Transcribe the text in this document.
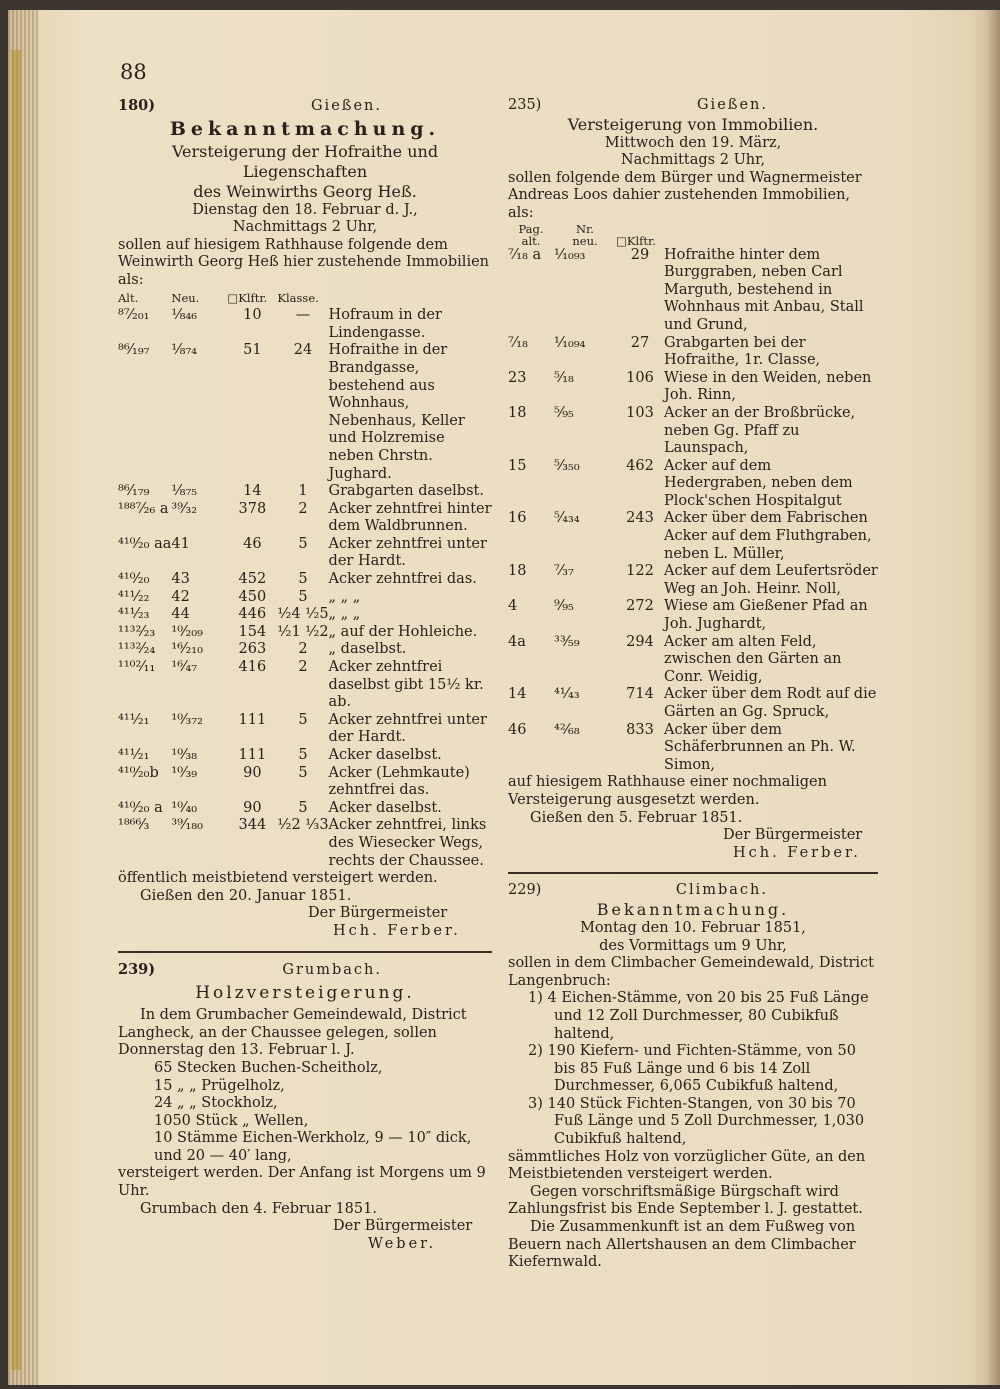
88
180)	Gießen.
Bekanntmachung.
Versteigerung der Hofraithe und Liegenschaften
des Weinwirths Georg Heß.
Dienstag den 18. Februar d. J.,
Nachmittags 2 Uhr,

sollen auf hiesigem Rathhause folgende dem Weinwirth Georg Heß hier zustehende Immobilien als:

Alt.	Neu.	□Klftr.	Klasse.	
⁸⁷⁄₂₀₁	¹⁄₈₄₆	10	—	Hofraum in der Lindengasse.
⁸⁶⁄₁₉₇	¹⁄₈₇₄	51	24	Hofraithe in der Brandgasse, bestehend aus Wohnhaus, Nebenhaus, Keller und Holzremise neben Chrstn. Jughard.
⁸⁶⁄₁₇₉	¹⁄₈₇₅	14	1	Grabgarten daselbst.
¹⁸⁸⁷⁄₂₆ a	³⁹⁄₃₂	378	2	Acker zehntfrei hinter dem Waldbrunnen.
⁴¹⁰⁄₂₀ aa	41	46	5	Acker zehntfrei unter der Hardt.
⁴¹⁰⁄₂₀	43	452	5	Acker zehntfrei das.
⁴¹¹⁄₂₂	42	450	5	„ „ „
⁴¹¹⁄₂₃	44	446	¹⁄₂4 ¹⁄₂5	„ „ „
¹¹³²⁄₂₃	¹⁰⁄₂₀₉	154	¹⁄₂1 ¹⁄₂2	„ auf der Hohleiche.
¹¹³²⁄₂₄	¹⁶⁄₂₁₀	263	2	„ daselbst.
¹¹⁰²⁄₁₁	¹⁶⁄₄₇	416	2	Acker zehntfrei daselbst gibt 15¹⁄₂ kr. ab.
⁴¹¹⁄₂₁	¹⁰⁄₃₇₂	111	5	Acker zehntfrei unter der Hardt.
⁴¹¹⁄₂₁	¹⁰⁄₃₈	111	5	Acker daselbst.
⁴¹⁰⁄₂₀b	¹⁰⁄₃₉	90	5	Acker (Lehmkaute) zehntfrei das.
⁴¹⁰⁄₂₀ a	¹⁰⁄₄₀	90	5	Acker daselbst.
¹⁸⁶⁶⁄₃	³⁹⁄₁₈₀	344	¹⁄₂2 ¹⁄₃3	Acker zehntfrei, links des Wiesecker Wegs, rechts der Chaussee.

öffentlich meistbietend versteigert werden.

Gießen den 20. Januar 1851.

Der Bürgermeister
Hch. Ferber.
239)	Grumbach.
Holzversteigerung.

In dem Grumbacher Gemeindewald, District Langheck, an der Chaussee gelegen, sollen Donnerstag den 13. Februar l. J.

65 Stecken Buchen-Scheitholz,
15 „ „ Prügelholz,
24 „ „ Stockholz,
1050 Stück „ Wellen,
10 Stämme Eichen-Werkholz, 9 — 10″ dick, und 20 — 40′ lang,

versteigert werden. Der Anfang ist Morgens um 9 Uhr.

Grumbach den 4. Februar 1851.

Der Bürgermeister
Weber.
235)	Gießen.
Versteigerung von Immobilien.
Mittwoch den 19. März,
Nachmittags 2 Uhr,

sollen folgende dem Bürger und Wagnermeister Andreas Loos dahier zustehenden Immobilien, als:

Pag.
alt.	Nr.
neu.	□Klftr.	
⁷⁄₁₈ a	¹⁄₁₀₉₃	29	Hofraithe hinter dem Burggraben, neben Carl Marguth, bestehend in Wohnhaus mit Anbau, Stall und Grund,
⁷⁄₁₈	¹⁄₁₀₉₄	27	Grabgarten bei der Hofraithe, 1r. Classe,
23	⁵⁄₁₈	106	Wiese in den Weiden, neben Joh. Rinn,
18	⁵⁄₉₅	103	Acker an der Broßbrücke, neben Gg. Pfaff zu Launspach,
15	⁵⁄₃₅₀	462	Acker auf dem Hedergraben, neben dem Plock'schen Hospitalgut
16	⁵⁄₄₃₄	243	Acker über dem Fabrischen Acker auf dem Fluthgraben, neben L. Müller,
18	⁷⁄₃₇	122	Acker auf dem Leufertsröder Weg an Joh. Heinr. Noll,
4	⁹⁄₉₅	272	Wiese am Gießener Pfad an Joh. Jughardt,
4a	³³⁄₅₉	294	Acker am alten Feld, zwischen den Gärten an Conr. Weidig,
14	⁴¹⁄₄₃	714	Acker über dem Rodt auf die Gärten an Gg. Spruck,
46	⁴²⁄₆₈	833	Acker über dem Schäferbrunnen an Ph. W. Simon,

auf hiesigem Rathhause einer nochmaligen Versteigerung ausgesetzt werden.

Gießen den 5. Februar 1851.

Der Bürgermeister
Hch. Ferber.
229)	Climbach.
Bekanntmachung.
Montag den 10. Februar 1851,
des Vormittags um 9 Uhr,

sollen in dem Climbacher Gemeindewald, District Langenbruch:

1) 4 Eichen-Stämme, von 20 bis 25 Fuß Länge und 12 Zoll Durchmesser, 80 Cubikfuß haltend,
2) 190 Kiefern- und Fichten-Stämme, von 50 bis 85 Fuß Länge und 6 bis 14 Zoll Durchmesser, 6,065 Cubikfuß haltend,
3) 140 Stück Fichten-Stangen, von 30 bis 70 Fuß Länge und 5 Zoll Durchmesser, 1,030 Cubikfuß haltend,

sämmtliches Holz von vorzüglicher Güte, an den Meistbietenden versteigert werden.

Gegen vorschriftsmäßige Bürgschaft wird Zahlungsfrist bis Ende September l. J. gestattet.

Die Zusammenkunft ist an dem Fußweg von Beuern nach Allertshausen an dem Climbacher Kiefernwald.
